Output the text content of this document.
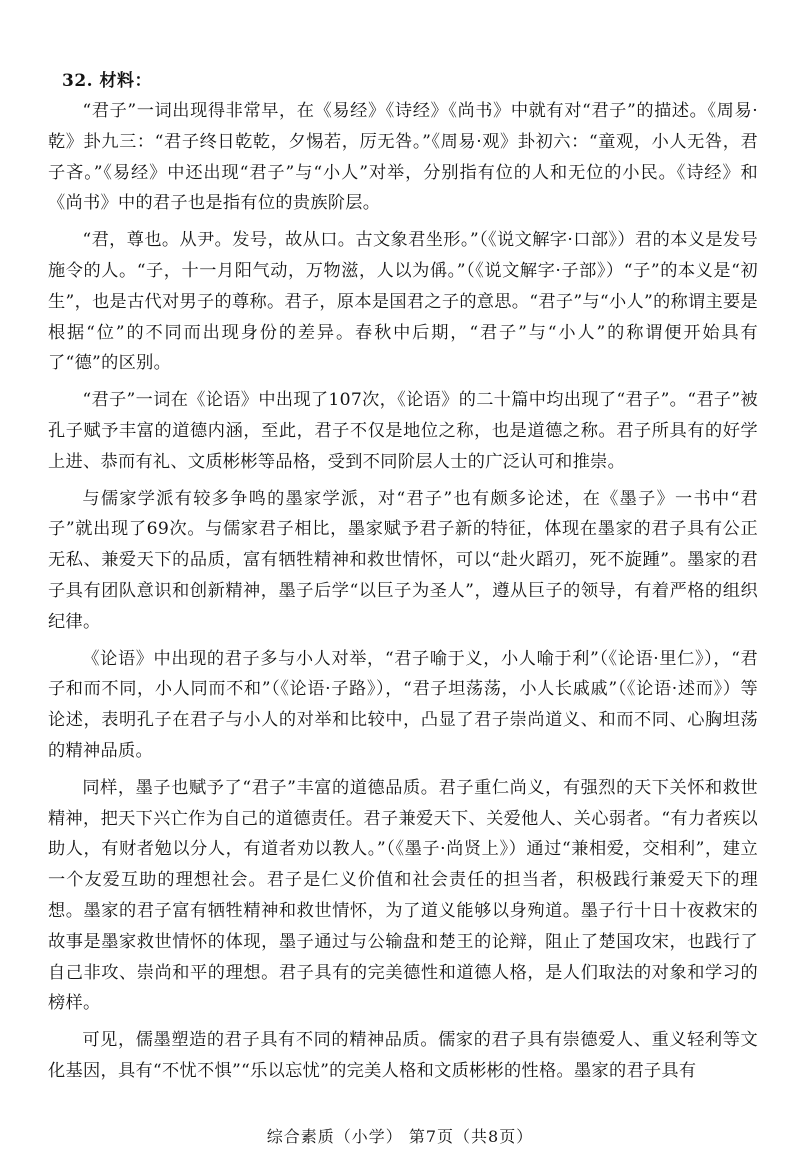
32. 材料：

“君子”一词出现得非常早，在《易经》《诗经》《尚书》中就有对“君子”的描述。《周易·乾》卦九三：“君子终日乾乾，夕惕若，厉无咎。”《周易·观》卦初六：“童观，小人无咎，君子吝。”《易经》中还出现“君子”与“小人”对举，分别指有位的人和无位的小民。《诗经》和《尚书》中的君子也是指有位的贵族阶层。

“君，尊也。从尹。发号，故从口。古文象君坐形。”（《说文解字·口部》）君的本义是发号施令的人。“子，十一月阳气动，万物滋，人以为偁。”（《说文解字·子部》）“子”的本义是“初生”，也是古代对男子的尊称。君子，原本是国君之子的意思。“君子”与“小人”的称谓主要是根据“位”的不同而出现身份的差异。春秋中后期，“君子”与“小人”的称谓便开始具有了“德”的区别。

“君子”一词在《论语》中出现了107次，《论语》的二十篇中均出现了“君子”。“君子”被孔子赋予丰富的道德内涵，至此，君子不仅是地位之称，也是道德之称。君子所具有的好学上进、恭而有礼、文质彬彬等品格，受到不同阶层人士的广泛认可和推崇。

与儒家学派有较多争鸣的墨家学派，对“君子”也有颇多论述，在《墨子》一书中“君子”就出现了69次。与儒家君子相比，墨家赋予君子新的特征，体现在墨家的君子具有公正无私、兼爱天下的品质，富有牺牲精神和救世情怀，可以“赴火蹈刃，死不旋踵”。墨家的君子具有团队意识和创新精神，墨子后学“以巨子为圣人”，遵从巨子的领导，有着严格的组织纪律。

《论语》中出现的君子多与小人对举，“君子喻于义，小人喻于利”（《论语·里仁》），“君子和而不同，小人同而不和”（《论语·子路》），“君子坦荡荡，小人长戚戚”（《论语·述而》）等论述，表明孔子在君子与小人的对举和比较中，凸显了君子崇尚道义、和而不同、心胸坦荡的精神品质。

同样，墨子也赋予了“君子”丰富的道德品质。君子重仁尚义，有强烈的天下关怀和救世精神，把天下兴亡作为自己的道德责任。君子兼爱天下、关爱他人、关心弱者。“有力者疾以助人，有财者勉以分人，有道者劝以教人。”（《墨子·尚贤上》）通过“兼相爱，交相利”，建立一个友爱互助的理想社会。君子是仁义价值和社会责任的担当者，积极践行兼爱天下的理想。墨家的君子富有牺牲精神和救世情怀，为了道义能够以身殉道。墨子行十日十夜救宋的故事是墨家救世情怀的体现，墨子通过与公输盘和楚王的论辩，阻止了楚国攻宋，也践行了自己非攻、崇尚和平的理想。君子具有的完美德性和道德人格，是人们取法的对象和学习的榜样。

可见，儒墨塑造的君子具有不同的精神品质。儒家的君子具有崇德爱人、重义轻利等文化基因，具有“不忧不惧”“乐以忘忧”的完美人格和文质彬彬的性格。墨家的君子具有

综合素质（小学） 第7页（共8页）
